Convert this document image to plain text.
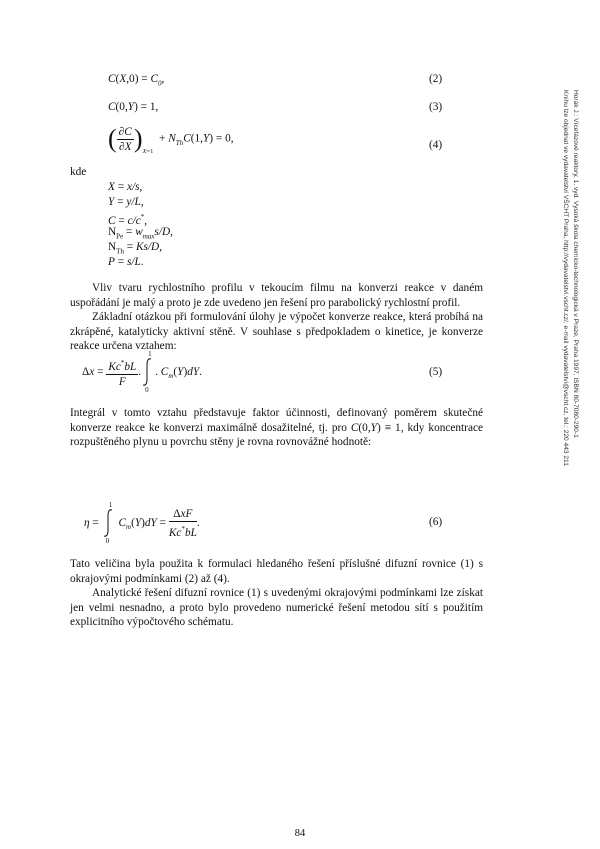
$C(X,0) = C_0$,	(2)
C(0,Y) = 1,	(3)
( $\frac{\partial C}{\partial X} )_{X=1} + N_{Th}C(1,Y) = 0$,
(4)
kde
X = x/s,
Y = y/L,
C = c/c*,
$N_{Pe} = w_{max}s/D$,
$N_{Th} = Ks/D$,
P = s/L.

Vliv tvaru rychlostního profilu v tekoucím filmu na konverzi reakce v daném uspořádání je malý a proto je zde uvedeno jen řešení pro parabolický rychlostní profil.

Základní otázkou při formulování úlohy je výpočet konverze reakce, která probíhá na zkrápěné, katalyticky aktivní stěně. V souhlase s předpokladem o kinetice, je konverze reakce určena vztahem:

$\Delta x = \frac{Kc^*bL}{F}$ .
1
0
. $C_m(Y)dY$.	(5)

Integrál v tomto vztahu představuje faktor účinnosti, definovaný poměrem skutečné konverze reakce ke konverzi maximálně dosažitelné, tj. pro C(0,Y) ≡ 1, kdy koncentrace rozpuštěného plynu u povrchu stěny je rovna rovnovážné hodnotě:

η =
1
0
$C_m(Y)dY = \frac{\text{ΔxF}}{Kc^*bL}$ .	(6)

Tato veličina byla použita k formulaci hledaného řešení příslušné difuzní rovnice (1) s okrajovými podmínkami (2) až (4).

Analytické řešení difuzní rovnice (1) s uvedenými okrajovými podmínkami lze získat jen velmi nesnadno, a proto bylo provedeno numerické řešení metodou sítí s použitím explicitního výpočtového schématu.

Horák J.: Vícefázové reaktory, 1. vyd. Vysoká škola chemicko-technologická v Praze, Praha 1997, ISBN 80-7080-290-1
Knihu lze objednat ve vydavatelství VŠCHT Praha, http://vydavatelstvi.vscht.cz/, e-mail vydavatelstvi@vscht.cz, tel.: 220 443 211
84
